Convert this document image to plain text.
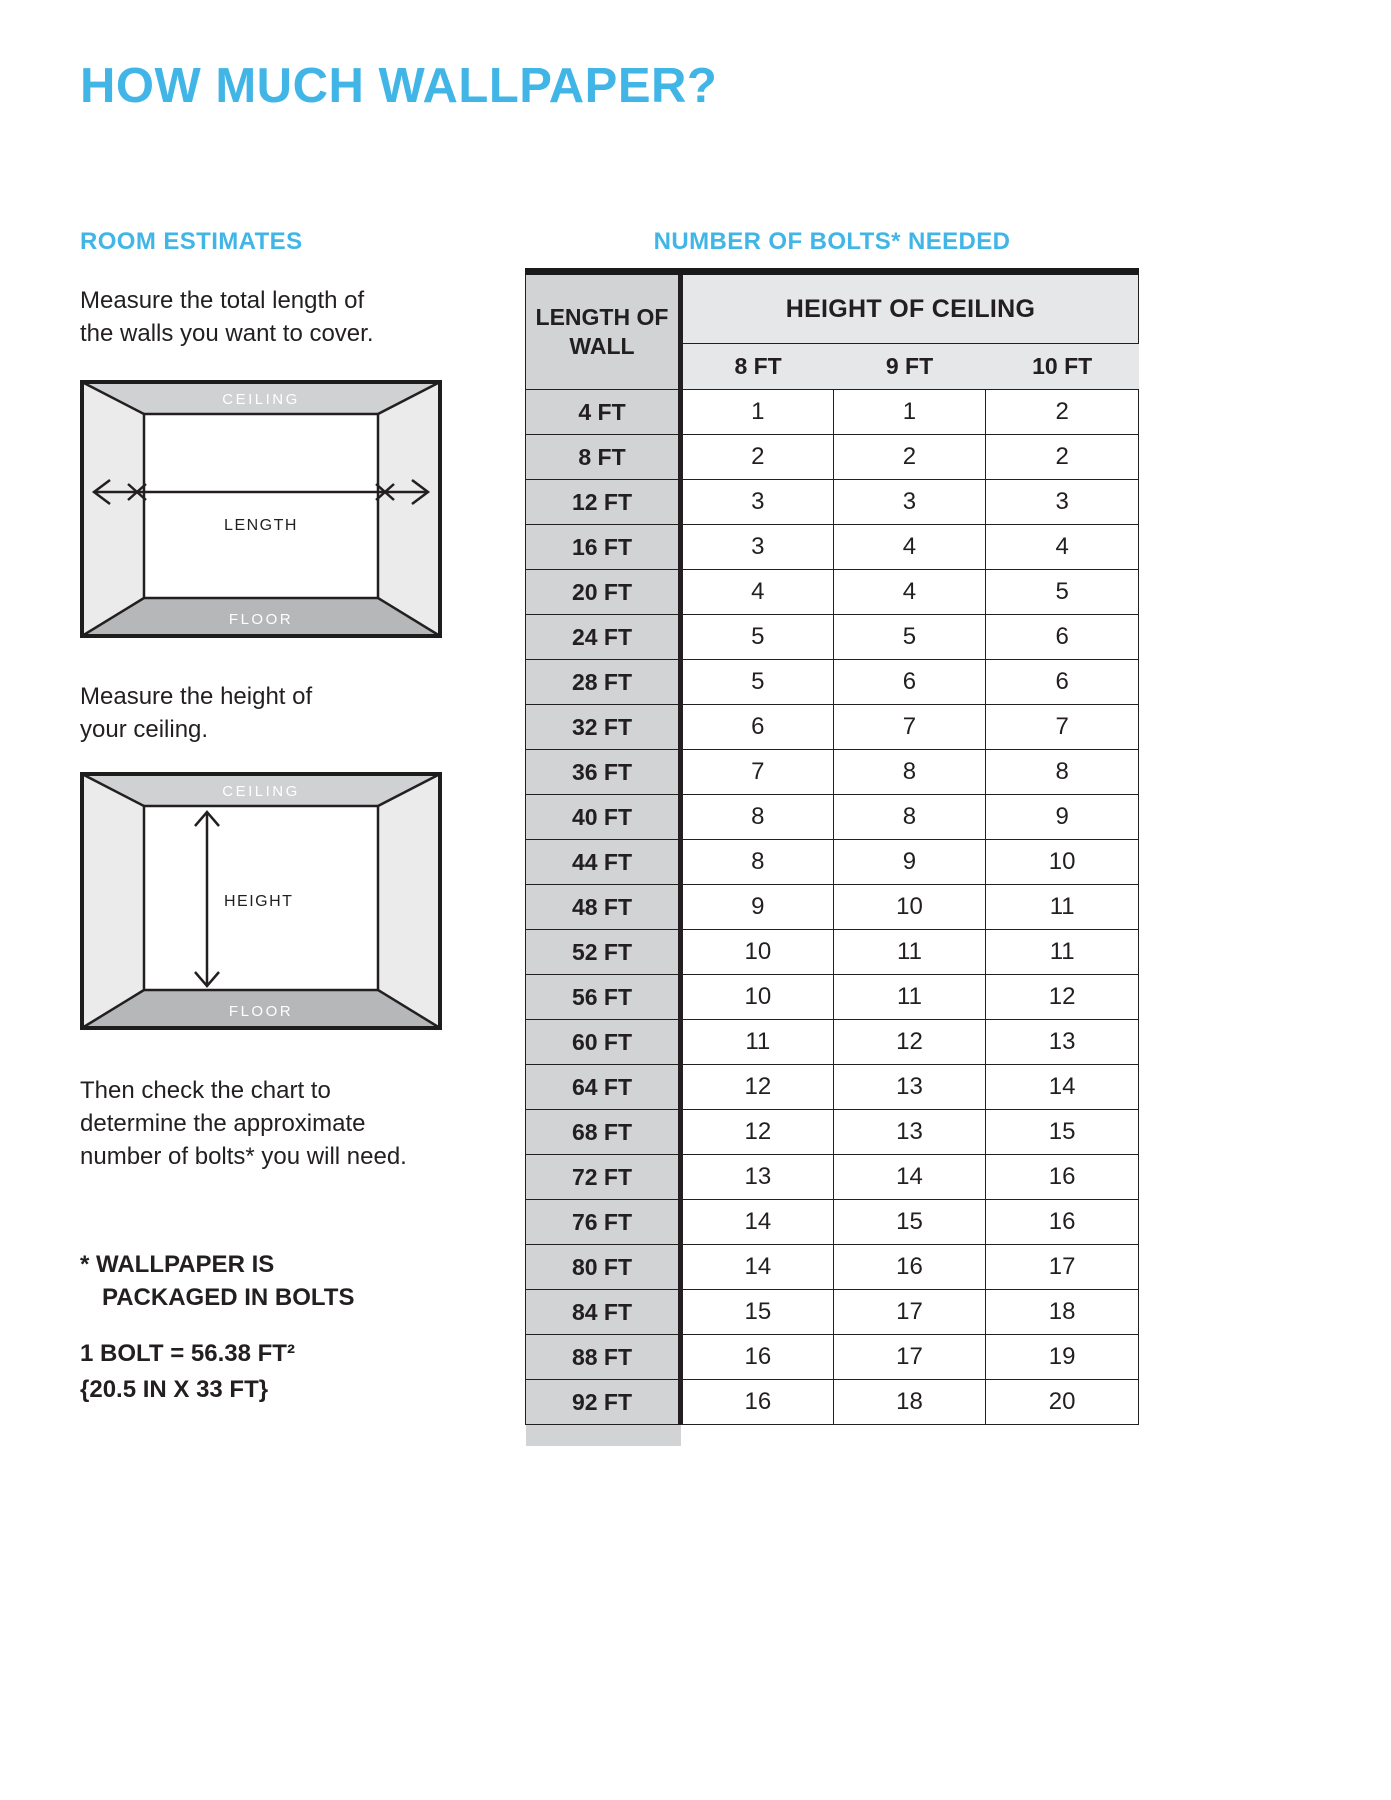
HOW MUCH WALLPAPER?
ROOM ESTIMATES	NUMBER OF BOLTS* NEEDED
Measure the total length of
the walls you want to cover.
CEILING
FLOOR
LENGTH
Measure the height of
your ceiling.
CEILING
FLOOR
HEIGHT
Then check the chart to
determine the approximate
number of bolts* you will need.
* WALLPAPER IS
PACKAGED IN BOLTS
1 BOLT = 56.38 FT²
{20.5 IN X 33 FT}
LENGTH OF WALL	HEIGHT OF CEILING		
	8 FT	9 FT	10 FT
4 FT	1	1	2
8 FT	2	2	2
12 FT	3	3	3
16 FT	3	4	4
20 FT	4	4	5
24 FT	5	5	6
28 FT	5	6	6
32 FT	6	7	7
36 FT	7	8	8
40 FT	8	8	9
44 FT	8	9	10
48 FT	9	10	11
52 FT	10	11	11
56 FT	10	11	12
60 FT	11	12	13
64 FT	12	13	14
68 FT	12	13	15
72 FT	13	14	16
76 FT	14	15	16
80 FT	14	16	17
84 FT	15	17	18
88 FT	16	17	19
92 FT	16	18	20
